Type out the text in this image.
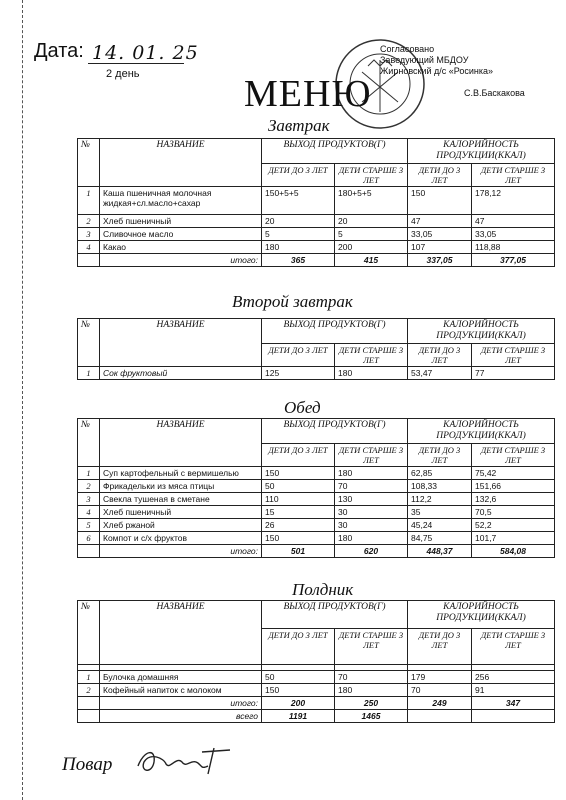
Дата: 14. 01. 25
2 день	МЕНЮ
Согласовано
Заведующий МБДОУ
Жирновский д/с «Росинка»
С.В.Баскакова
Завтрак
№	НАЗВАНИЕ	ВЫХОД ПРОДУКТОВ(Г)		КАЛОРИЙНОСТЬ ПРОДУКЦИИ(ККАЛ)	
		ДЕТИ ДО 3 ЛЕТ	ДЕТИ СТАРШЕ 3 ЛЕТ	ДЕТИ ДО 3 ЛЕТ	ДЕТИ СТАРШЕ 3 ЛЕТ
1	Каша пшеничная молочная жидкая+сл.масло+сахар	150+5+5	180+5+5	150	178,12
2	Хлеб пшеничный	20	20	47	47
3	Сливочное масло	5	5	33,05	33,05
4	Какао	180	200	107	118,88
	итого:	365	415	337,05	377,05
Второй завтрак
№	НАЗВАНИЕ	ВЫХОД ПРОДУКТОВ(Г)		КАЛОРИЙНОСТЬ ПРОДУКЦИИ(ККАЛ)	
		ДЕТИ ДО 3 ЛЕТ	ДЕТИ СТАРШЕ 3 ЛЕТ	ДЕТИ ДО 3 ЛЕТ	ДЕТИ СТАРШЕ 3 ЛЕТ
1	Сок фруктовый	125	180	53,47	77
Обед
№	НАЗВАНИЕ	ВЫХОД ПРОДУКТОВ(Г)		КАЛОРИЙНОСТЬ ПРОДУКЦИИ(ККАЛ)	
		ДЕТИ ДО 3 ЛЕТ	ДЕТИ СТАРШЕ 3 ЛЕТ	ДЕТИ ДО 3 ЛЕТ	ДЕТИ СТАРШЕ 3 ЛЕТ
1	Суп картофельный с вермишелью	150	180	62,85	75,42
2	Фрикадельки из мяса птицы	50	70	108,33	151,66
3	Свекла тушеная в сметане	110	130	112,2	132,6
4	Хлеб пшеничный	15	30	35	70,5
5	Хлеб ржаной	26	30	45,24	52,2
6	Компот и с/х фруктов	150	180	84,75	101,7
	итого:	501	620	448,37	584,08
Полдник
№	НАЗВАНИЕ	ВЫХОД ПРОДУКТОВ(Г)		КАЛОРИЙНОСТЬ ПРОДУКЦИИ(ККАЛ)	
		ДЕТИ ДО 3 ЛЕТ	ДЕТИ СТАРШЕ 3 ЛЕТ	ДЕТИ ДО 3 ЛЕТ	ДЕТИ СТАРШЕ 3 ЛЕТ

1	Булочка домашняя	50	70	179	256
2	Кофейный напиток с молоком	150	180	70	91
	итого:	200	250	249	347
	всего	1191	1465		
Повар
